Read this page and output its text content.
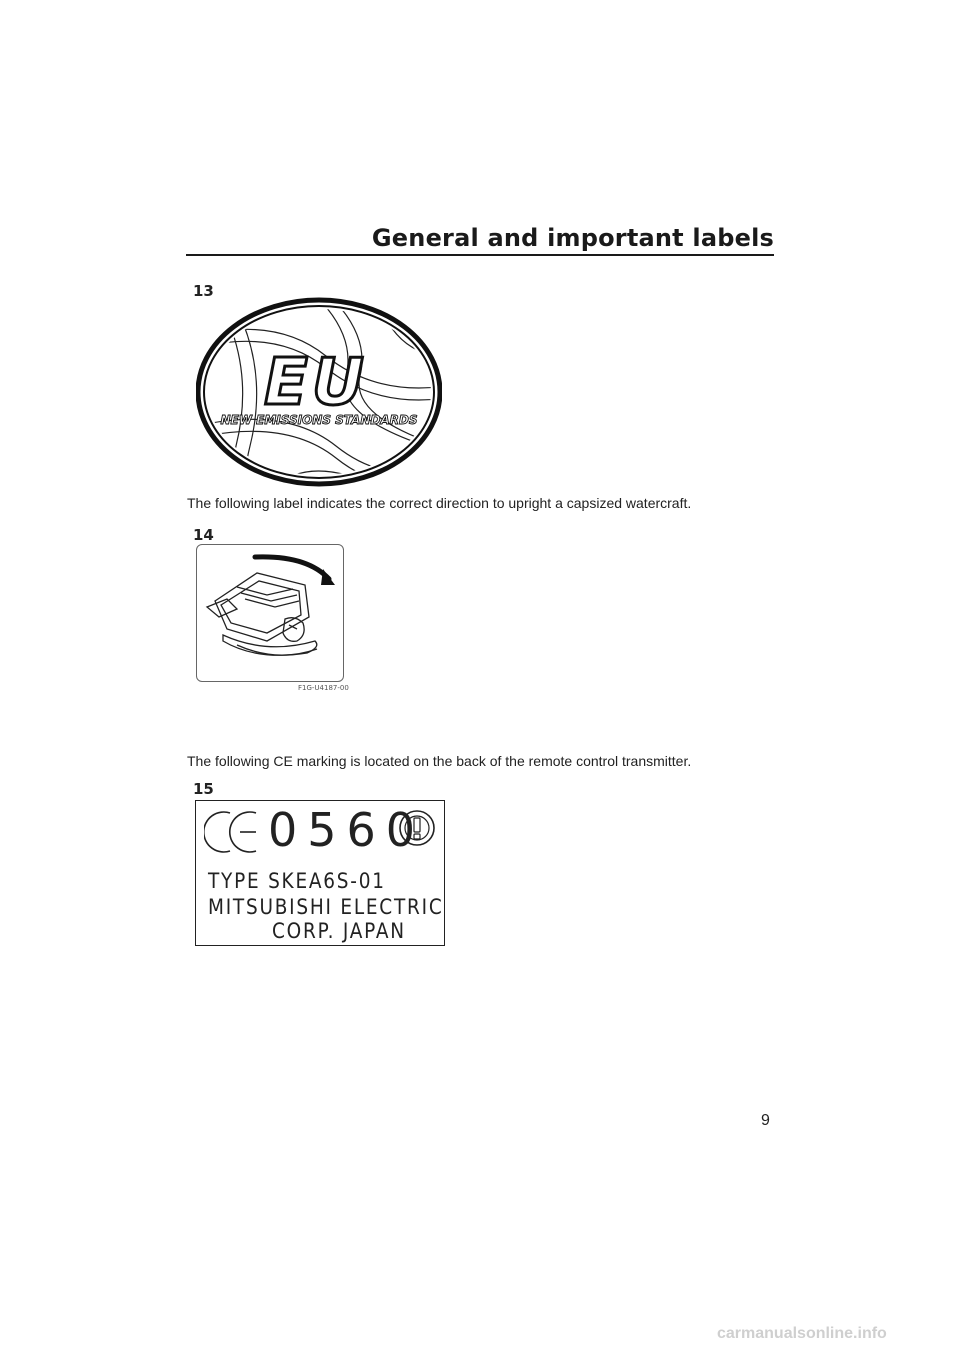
General and important labels
13
EU
NEW EMISSIONS STANDARDS
The following label indicates the correct direction to upright a capsized watercraft.
14
F1G-U4187-00
The following CE marking is located on the back of the remote control transmitter.
15
0560
TYPE SKEA6S-01
MITSUBISHI ELECTRIC
CORP. JAPAN
9
carmanualsonline.info
